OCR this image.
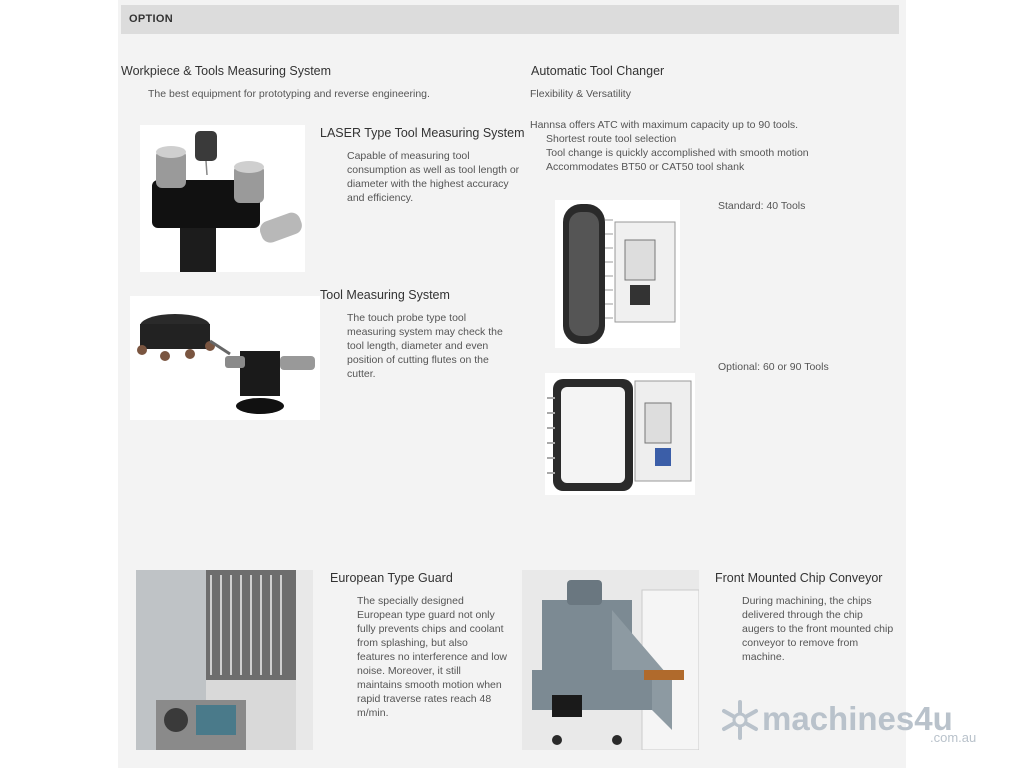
OPTION
Workpiece & Tools Measuring System
The best equipment for prototyping and reverse engineering.
LASER Type Tool Measuring System
Capable of measuring tool consumption as well as tool length or diameter with the highest accuracy and efficiency.
Tool Measuring System
The touch probe type tool measuring system may check the tool length, diameter and even position of cutting flutes on the cutter.
Automatic Tool Changer
Flexibility & Versatility
Hannsa offers ATC with maximum capacity up to 90 tools.
Shortest route tool selection
Tool change is quickly accomplished with smooth motion
Accommodates BT50 or CAT50 tool shank
Standard: 40 Tools
Optional: 60 or 90 Tools
European Type Guard
The specially designed European type guard not only fully prevents chips and coolant from splashing, but also features no interference and low noise. Moreover, it still maintains smooth motion when rapid traverse rates reach 48 m/min.
Front Mounted Chip Conveyor
During machining, the chips delivered through the chip augers to the front mounted chip conveyor to remove from machine.
machines4u
.com.au
